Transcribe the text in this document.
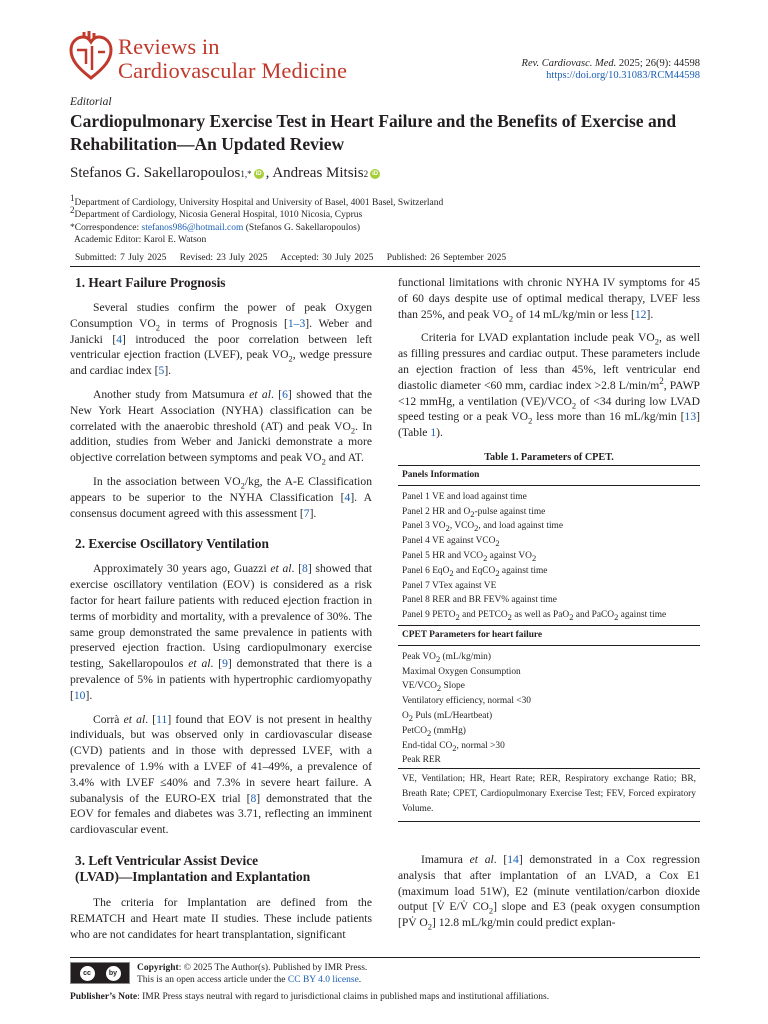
Reviews in
Cardiovascular Medicine	Rev. Cardiovasc. Med. 2025; 26(9): 44598
https://doi.org/10.31083/RCM44598
Editorial
Cardiopulmonary Exercise Test in Heart Failure and the Benefits of Exercise and Rehabilitation—An Updated Review
Stefanos G. Sakellaropoulos 1,* iD , Andreas Mitsis 2 iD
$^1$Department of Cardiology, University Hospital and University of Basel, 4001 Basel, Switzerland
$^2$Department of Cardiology, Nicosia General Hospital, 1010 Nicosia, Cyprus
*Correspondence: stefanos986@hotmail.com (Stefanos G. Sakellaropoulos)
Academic Editor: Karol E. Watson
Submitted: 7 July 2025 Revised: 23 July 2025 Accepted: 30 July 2025 Published: 26 September 2025
1. Heart Failure Prognosis

Several studies confirm the power of peak Oxygen Consumption $VO_2$ in terms of Prognosis [1–3]. Weber and Janicki [4] introduced the poor correlation between left ventricular ejection fraction (LVEF), peak $VO_2$, wedge pressure and cardiac index [5].

Another study from Matsumura et al. [6] showed that the New York Heart Association (NYHA) classification can be correlated with the anaerobic threshold (AT) and peak $VO_2$. In addition, studies from Weber and Janicki demonstrate a more objective correlation between symptoms and peak $VO_2$ and AT.

In the association between $VO_2/kg$, the A-E Classification appears to be superior to the NYHA Classification [4]. A consensus document agreed with this assessment [7].

2. Exercise Oscillatory Ventilation

Approximately 30 years ago, Guazzi et al. [8] showed that exercise oscillatory ventilation (EOV) is considered as a risk factor for heart failure patients with reduced ejection fraction in terms of morbidity and mortality, with a prevalence of 30%. The same group demonstrated the same prevalence in patients with preserved ejection fraction. Using cardiopulmonary exercise testing, Sakellaropoulos et al. [9] demonstrated that there is a prevalence of 5% in patients with hypertrophic cardiomyopathy [10].

Corrà et al. [11] found that EOV is not present in healthy individuals, but was observed only in cardiovascular disease (CVD) patients and in those with depressed LVEF, with a prevalence of 1.9% with a LVEF of 41–49%, a prevalence of 3.4% with LVEF ≤40% and 7.3% in severe heart failure. A subanalysis of the EURO-EX trial [8] demonstrated that the EOV for females and diabetes was 3.71, reflecting an imminent cardiovascular event.

3. Left Ventricular Assist Device
(LVAD)—Implantation and Explantation

The criteria for Implantation are defined from the REMATCH and Heart mate II studies. These include patients who are not candidates for heart transplantation, significant

functional limitations with chronic NYHA IV symptoms for 45 of 60 days despite use of optimal medical therapy, LVEF less than 25%, and peak $VO_2$ of 14 mL/kg/min or less [12].

Criteria for LVAD explantation include peak $VO_2$, as well as filling pressures and cardiac output. These parameters include an ejection fraction of less than 45%, left ventricular end diastolic diameter <60 mm, cardiac index >2.8 $L/\min/m^2$, PAWP <12 mmHg, a ventilation $(VE)/VCO_2$ of <34 during low LVAD speed testing or a peak $VO_2$ less more than 16 mL/kg/min [13] (Table 1).

Table 1. Parameters of CPET.
Panels Information
Panel 1 VE and load against time
Panel 2 HR and $O_2$-pulse against time
Panel 3 $VO_2$, $VCO_2$, and load against time
Panel 4 VE against $VCO_2$
Panel 5 HR and $VCO_2$ against $VO_2$
Panel 6 EqO$_2$ and EqCO$_2$ against time
Panel 7 VTex against VE
Panel 8 RER and BR FEV% against time
Panel 9 $PETO_2$ and $PETCO_2$ as well as PaO$_2$ and PaCO$_2$ against time
CPET Parameters for heart failure
Peak $VO_2$ (mL/kg/min)
Maximal Oxygen Consumption
$VE/VCO_2$ Slope
Ventilatory efficiency, normal <30
$O_2$ Puls (mL/Heartbeat)
PetCO$_2$ (mmHg)
End-tidal $CO_2$, normal >30
Peak RER
VE, Ventilation; HR, Heart Rate; RER, Respiratory exchange Ratio; BR, Breath Rate; CPET, Cardiopulmonary Exercise Test; FEV, Forced expiratory Volume.

Imamura et al. [14] demonstrated in a Cox regression analysis that after implantation of an LVAD, a Cox E1 (maximum load 51W), E2 (minute ventilation/carbon dioxide output [V̇ E/V̇ $CO_2$] slope and E3 (peak oxygen consumption [PV̇ $O_2$] 12.8 mL/kg/min could predict explan-

cc	by	Copyright: © 2025 The Author(s). Published by IMR Press.
This is an open access article under the CC BY 4.0 license.
Publisher’s Note: IMR Press stays neutral with regard to jurisdictional claims in published maps and institutional affiliations.
